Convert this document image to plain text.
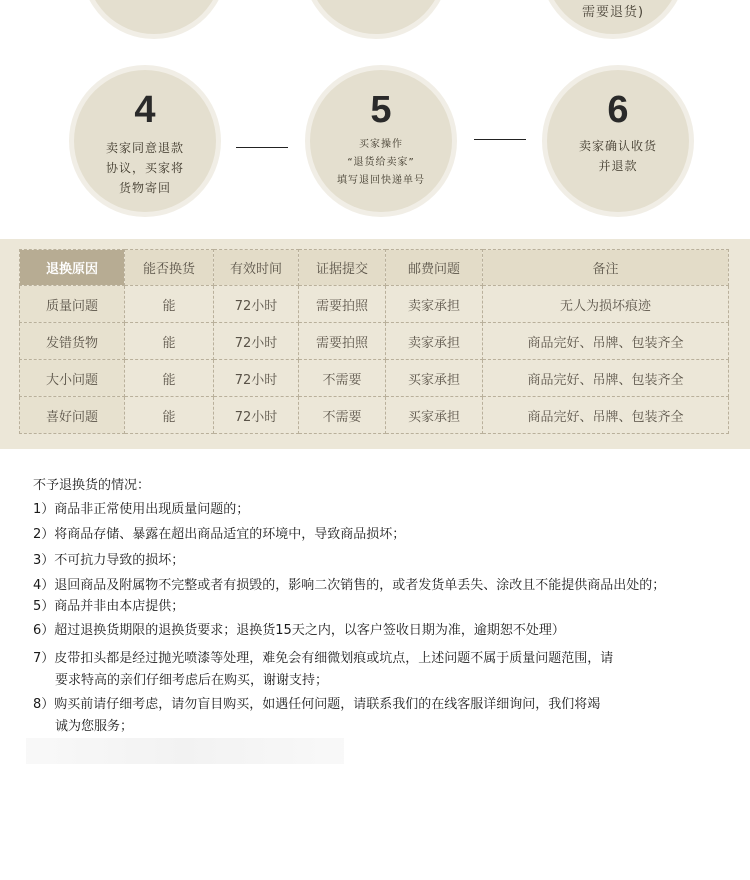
需要退货)
4
卖家同意退款
协议，买家将
货物寄回
5
买家操作
“退货给卖家”
填写退回快递单号
6
卖家确认收货
并退款
退换原因	能否换货	有效时间	证据提交	邮费问题	备注
质量问题	能	72小时	需要拍照	卖家承担	无人为损坏痕迹
发错货物	能	72小时	需要拍照	卖家承担	商品完好、吊牌、包装齐全
大小问题	能	72小时	不需要	买家承担	商品完好、吊牌、包装齐全
喜好问题	能	72小时	不需要	买家承担	商品完好、吊牌、包装齐全
不予退换货的情况：
1）商品非正常使用出现质量问题的；
2）将商品存储、暴露在超出商品适宜的环境中，导致商品损坏；
3）不可抗力导致的损坏；
4）退回商品及附属物不完整或者有损毁的，影响二次销售的，或者发货单丢失、涂改且不能提供商品出处的；
5）商品并非由本店提供；
6）超过退换货期限的退换货要求；退换货15天之内，以客户签收日期为准，逾期恕不处理）
7）皮带扣头都是经过抛光喷漆等处理，难免会有细微划痕或坑点，上述问题不属于质量问题范围，请
要求特高的亲们仔细考虑后在购买，谢谢支持；
8）购买前请仔细考虑，请勿盲目购买，如遇任何问题，请联系我们的在线客服详细询问，我们将竭
诚为您服务；
